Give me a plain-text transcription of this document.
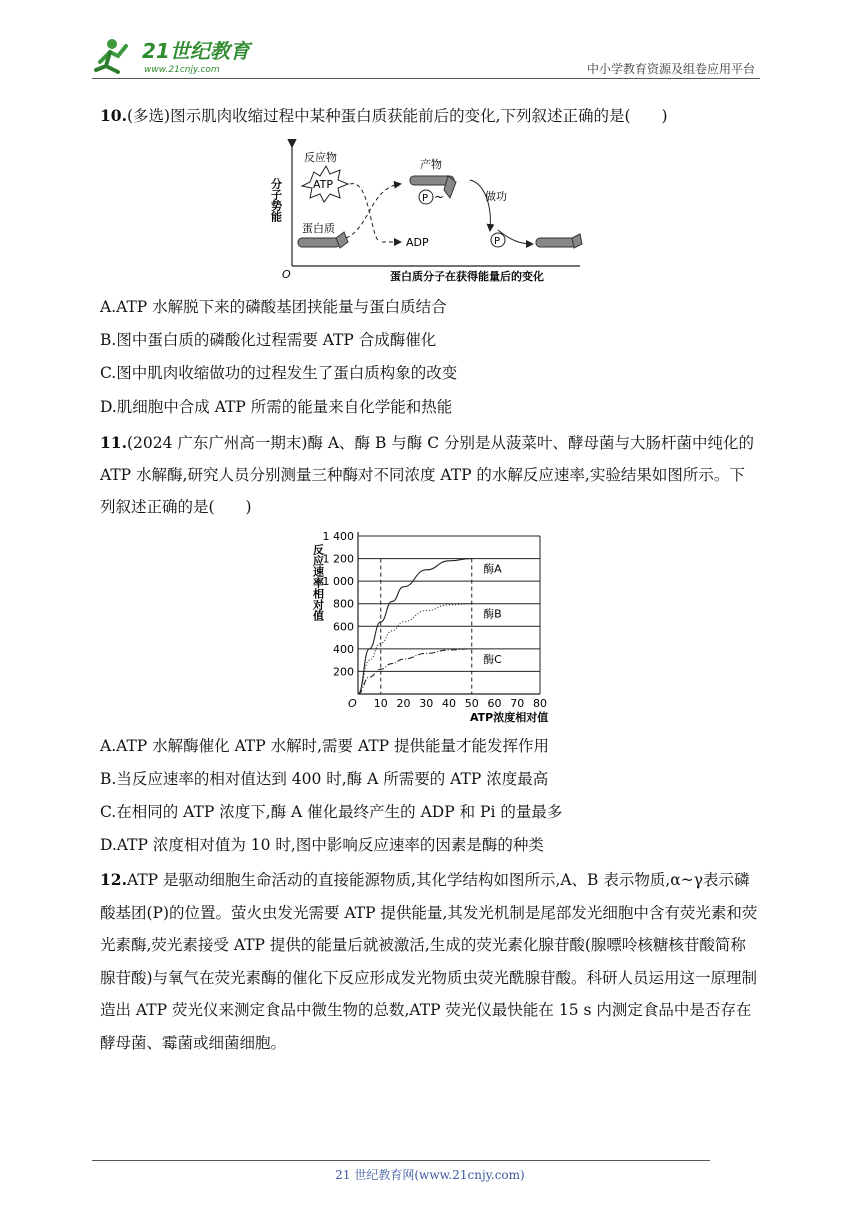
21世纪教育
www.21cnjy.com	中小学教育资源及组卷应用平台
10.(多选)图示肌肉收缩过程中某种蛋白质获能前后的变化,下列叙述正确的是(　　)
分子势能
O	蛋白质分子在获得能量后的变化
反应物
ATP
蛋白质
ADP
产物
P ~	做功
P
A.ATP 水解脱下来的磷酸基团挟能量与蛋白质结合
B.图中蛋白质的磷酸化过程需要 ATP 合成酶催化
C.图中肌肉收缩做功的过程发生了蛋白质构象的改变
D.肌细胞中合成 ATP 所需的能量来自化学能和热能
11.(2024 广东广州高一期末)酶 A、酶 B 与酶 C 分别是从菠菜叶、酵母菌与大肠杆菌中纯化的 ATP 水解酶,研究人员分别测量三种酶对不同浓度 ATP 的水解反应速率,实验结果如图所示。下列叙述正确的是(　　)
200
400
600
800
1 000
1 200
1 400
10 20 30 40 50 60 70 80
O
ATP浓度相对值
反应速率相对值	酶A
酶B
酶C
A.ATP 水解酶催化 ATP 水解时,需要 ATP 提供能量才能发挥作用
B.当反应速率的相对值达到 400 时,酶 A 所需要的 ATP 浓度最高
C.在相同的 ATP 浓度下,酶 A 催化最终产生的 ADP 和 Pi 的量最多
D.ATP 浓度相对值为 10 时,图中影响反应速率的因素是酶的种类
12.ATP 是驱动细胞生命活动的直接能源物质,其化学结构如图所示,A、B 表示物质,α~γ表示磷酸基团(P)的位置。萤火虫发光需要 ATP 提供能量,其发光机制是尾部发光细胞中含有荧光素和荧光素酶,荧光素接受 ATP 提供的能量后就被激活,生成的荧光素化腺苷酸(腺嘌呤核糖核苷酸简称腺苷酸)与氧气在荧光素酶的催化下反应形成发光物质虫荧光酰腺苷酸。科研人员运用这一原理制造出 ATP 荧光仪来测定食品中微生物的总数,ATP 荧光仪最快能在 15 s 内测定食品中是否存在酵母菌、霉菌或细菌细胞。
21 世纪教育网(www.21cnjy.com)
